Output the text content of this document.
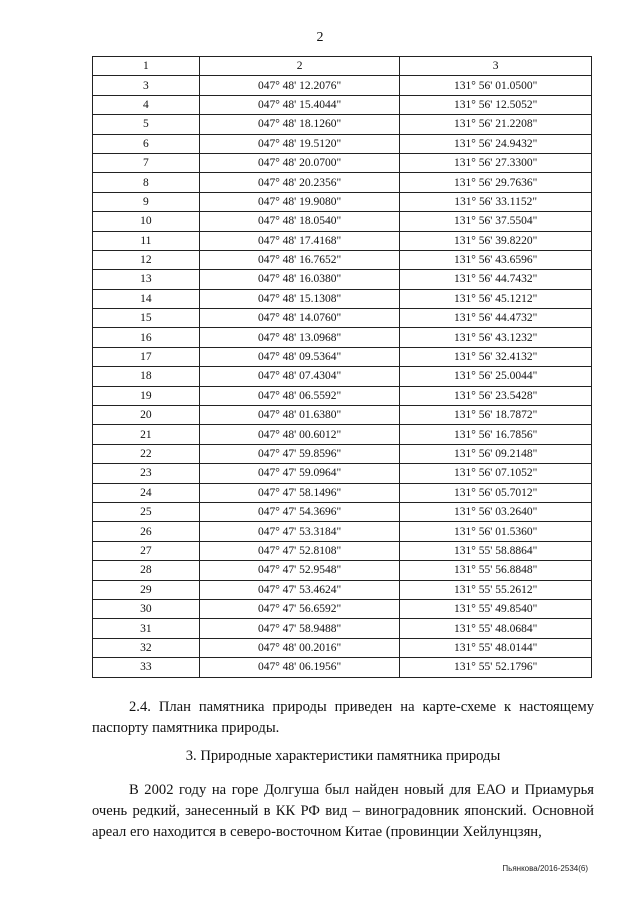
2
1	2	3
3	047° 48' 12.2076"	131° 56' 01.0500"
4	047° 48' 15.4044"	131° 56' 12.5052"
5	047° 48' 18.1260"	131° 56' 21.2208"
6	047° 48' 19.5120"	131° 56' 24.9432"
7	047° 48' 20.0700"	131° 56' 27.3300"
8	047° 48' 20.2356"	131° 56' 29.7636"
9	047° 48' 19.9080"	131° 56' 33.1152"
10	047° 48' 18.0540"	131° 56' 37.5504"
11	047° 48' 17.4168"	131° 56' 39.8220"
12	047° 48' 16.7652"	131° 56' 43.6596"
13	047° 48' 16.0380"	131° 56' 44.7432"
14	047° 48' 15.1308"	131° 56' 45.1212"
15	047° 48' 14.0760"	131° 56' 44.4732"
16	047° 48' 13.0968"	131° 56' 43.1232"
17	047° 48' 09.5364"	131° 56' 32.4132"
18	047° 48' 07.4304"	131° 56' 25.0044"
19	047° 48' 06.5592"	131° 56' 23.5428"
20	047° 48' 01.6380"	131° 56' 18.7872"
21	047° 48' 00.6012"	131° 56' 16.7856"
22	047° 47' 59.8596"	131° 56' 09.2148"
23	047° 47' 59.0964"	131° 56' 07.1052"
24	047° 47' 58.1496"	131° 56' 05.7012"
25	047° 47' 54.3696"	131° 56' 03.2640"
26	047° 47' 53.3184"	131° 56' 01.5360"
27	047° 47' 52.8108"	131° 55' 58.8864"
28	047° 47' 52.9548"	131° 55' 56.8848"
29	047° 47' 53.4624"	131° 55' 55.2612"
30	047° 47' 56.6592"	131° 55' 49.8540"
31	047° 47' 58.9488"	131° 55' 48.0684"
32	047° 48' 00.2016"	131° 55' 48.0144"
33	047° 48' 06.1956"	131° 55' 52.1796"

2.4. План памятника природы приведен на карте-схеме к настоящему паспорту памятника природы.

3. Природные характеристики памятника природы

В 2002 году на горе Долгуша был найден новый для ЕАО и Приамурья очень редкий, занесенный в КК РФ вид – виноградовник японский. Основной ареал его находится в северо-восточном Китае (провинции Хейлунцзян,

Пьянкова/2016-2534(6)
